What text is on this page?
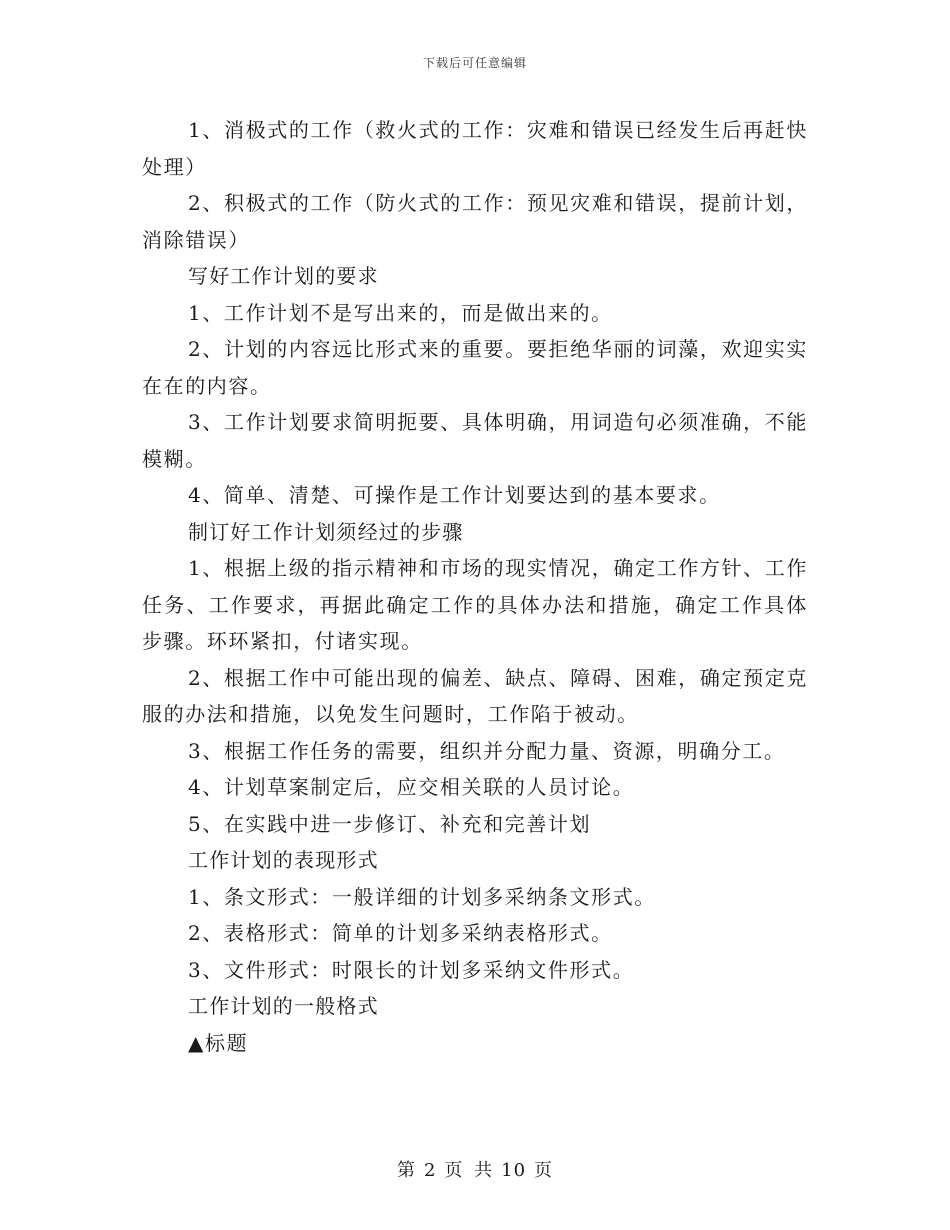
下载后可任意编辑

1、消极式的工作（救火式的工作：灾难和错误已经发生后再赶快处理）

2、积极式的工作（防火式的工作：预见灾难和错误，提前计划，消除错误）

写好工作计划的要求

1、工作计划不是写出来的，而是做出来的。

2、计划的内容远比形式来的重要。要拒绝华丽的词藻，欢迎实实在在的内容。

3、工作计划要求简明扼要、具体明确，用词造句必须准确，不能模糊。

4、简单、清楚、可操作是工作计划要达到的基本要求。

制订好工作计划须经过的步骤

1、根据上级的指示精神和市场的现实情况，确定工作方针、工作任务、工作要求，再据此确定工作的具体办法和措施，确定工作具体步骤。环环紧扣，付诸实现。

2、根据工作中可能出现的偏差、缺点、障碍、困难，确定预定克服的办法和措施，以免发生问题时，工作陷于被动。

3、根据工作任务的需要，组织并分配力量、资源，明确分工。

4、计划草案制定后，应交相关联的人员讨论。

5、在实践中进一步修订、补充和完善计划

工作计划的表现形式

1、条文形式：一般详细的计划多采纳条文形式。

2、表格形式：简单的计划多采纳表格形式。

3、文件形式：时限长的计划多采纳文件形式。

工作计划的一般格式

▲标题

第 2 页 共 10 页
